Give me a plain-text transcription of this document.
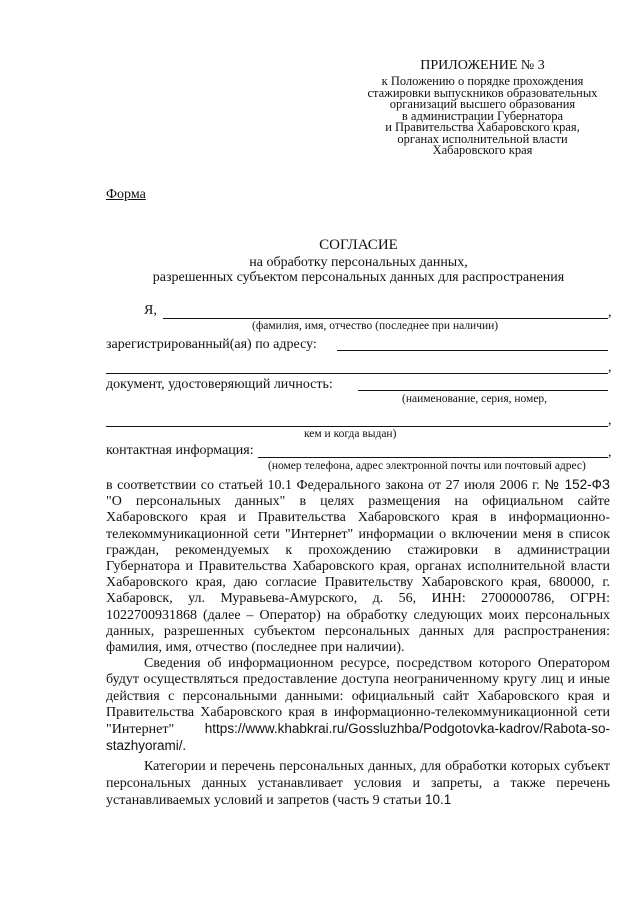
ПРИЛОЖЕНИЕ № 3
к Положению о порядке прохождения
стажировки выпускников образовательных
организаций высшего образования
в администрации Губернатора
и Правительства Хабаровского края,
органах исполнительной власти
Хабаровского края
Форма
СОГЛАСИЕ
на обработку персональных данных,
разрешенных субъектом персональных данных для распространения
Я,	,
(фамилия, имя, отчество (последнее при наличии)
зарегистрированный(ая) по адресу:
,
документ, удостоверяющий личность:
(наименование, серия, номер,
,
кем и когда выдан)
контактная информация:	,
(номер телефона, адрес электронной почты или почтовый адрес)

в соответствии со статьей 10.1 Федерального закона от 27 июля 2006 г. № 152-ФЗ "О персональных данных" в целях размещения на официальном сайте Хабаровского края и Правительства Хабаровского края в информационно-телекоммуникационной сети "Интернет" информации о включении меня в список граждан, рекомендуемых к прохождению стажировки в администрации Губернатора и Правительства Хабаровского края, органах исполнительной власти Хабаровского края, даю согласие Правительству Хабаровского края, 680000, г. Хабаровск, ул. Муравьева-Амурского, д. 56, ИНН: 2700000786, ОГРН: 1022700931868 (далее – Оператор) на обработку следующих моих персональных данных, разрешенных субъектом персональных данных для распространения: фамилия, имя, отчество (последнее при наличии).

Сведения об информационном ресурсе, посредством которого Оператором будут осуществляться предоставление доступа неограниченному кругу лиц и иные действия с персональными данными: официальный сайт Хабаровского края и Правительства Хабаровского края в информационно-телекоммуникационной сети "Интернет" https://www.khabkrai.ru/Gossluzhba/Podgotovka-kadrov/Rabota-so-stazhyorami/.

Категории и перечень персональных данных, для обработки которых субъект персональных данных устанавливает условия и запреты, а также перечень устанавливаемых условий и запретов (часть 9 статьи 10.1
